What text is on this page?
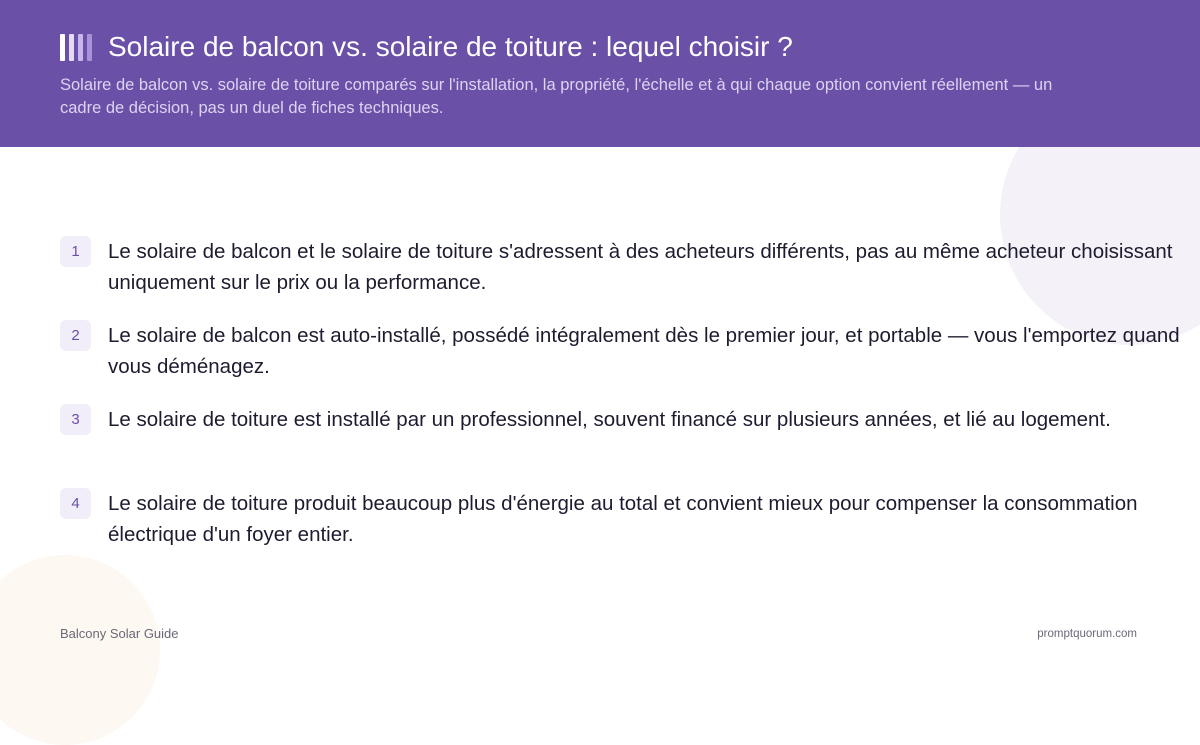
Solaire de balcon vs. solaire de toiture : lequel choisir ?

Solaire de balcon vs. solaire de toiture comparés sur l'installation, la propriété, l'échelle et à qui chaque option convient réellement — un cadre de décision, pas un duel de fiches techniques.

1	Le solaire de balcon et le solaire de toiture s'adressent à des acheteurs différents, pas au même acheteur choisissant uniquement sur le prix ou la performance.
2	Le solaire de balcon est auto-installé, possédé intégralement dès le premier jour, et portable — vous l'emportez quand vous déménagez.
3	Le solaire de toiture est installé par un professionnel, souvent financé sur plusieurs années, et lié au logement.
4	Le solaire de toiture produit beaucoup plus d'énergie au total et convient mieux pour compenser la consommation électrique d'un foyer entier.
Balcony Solar Guide	promptquorum.com
